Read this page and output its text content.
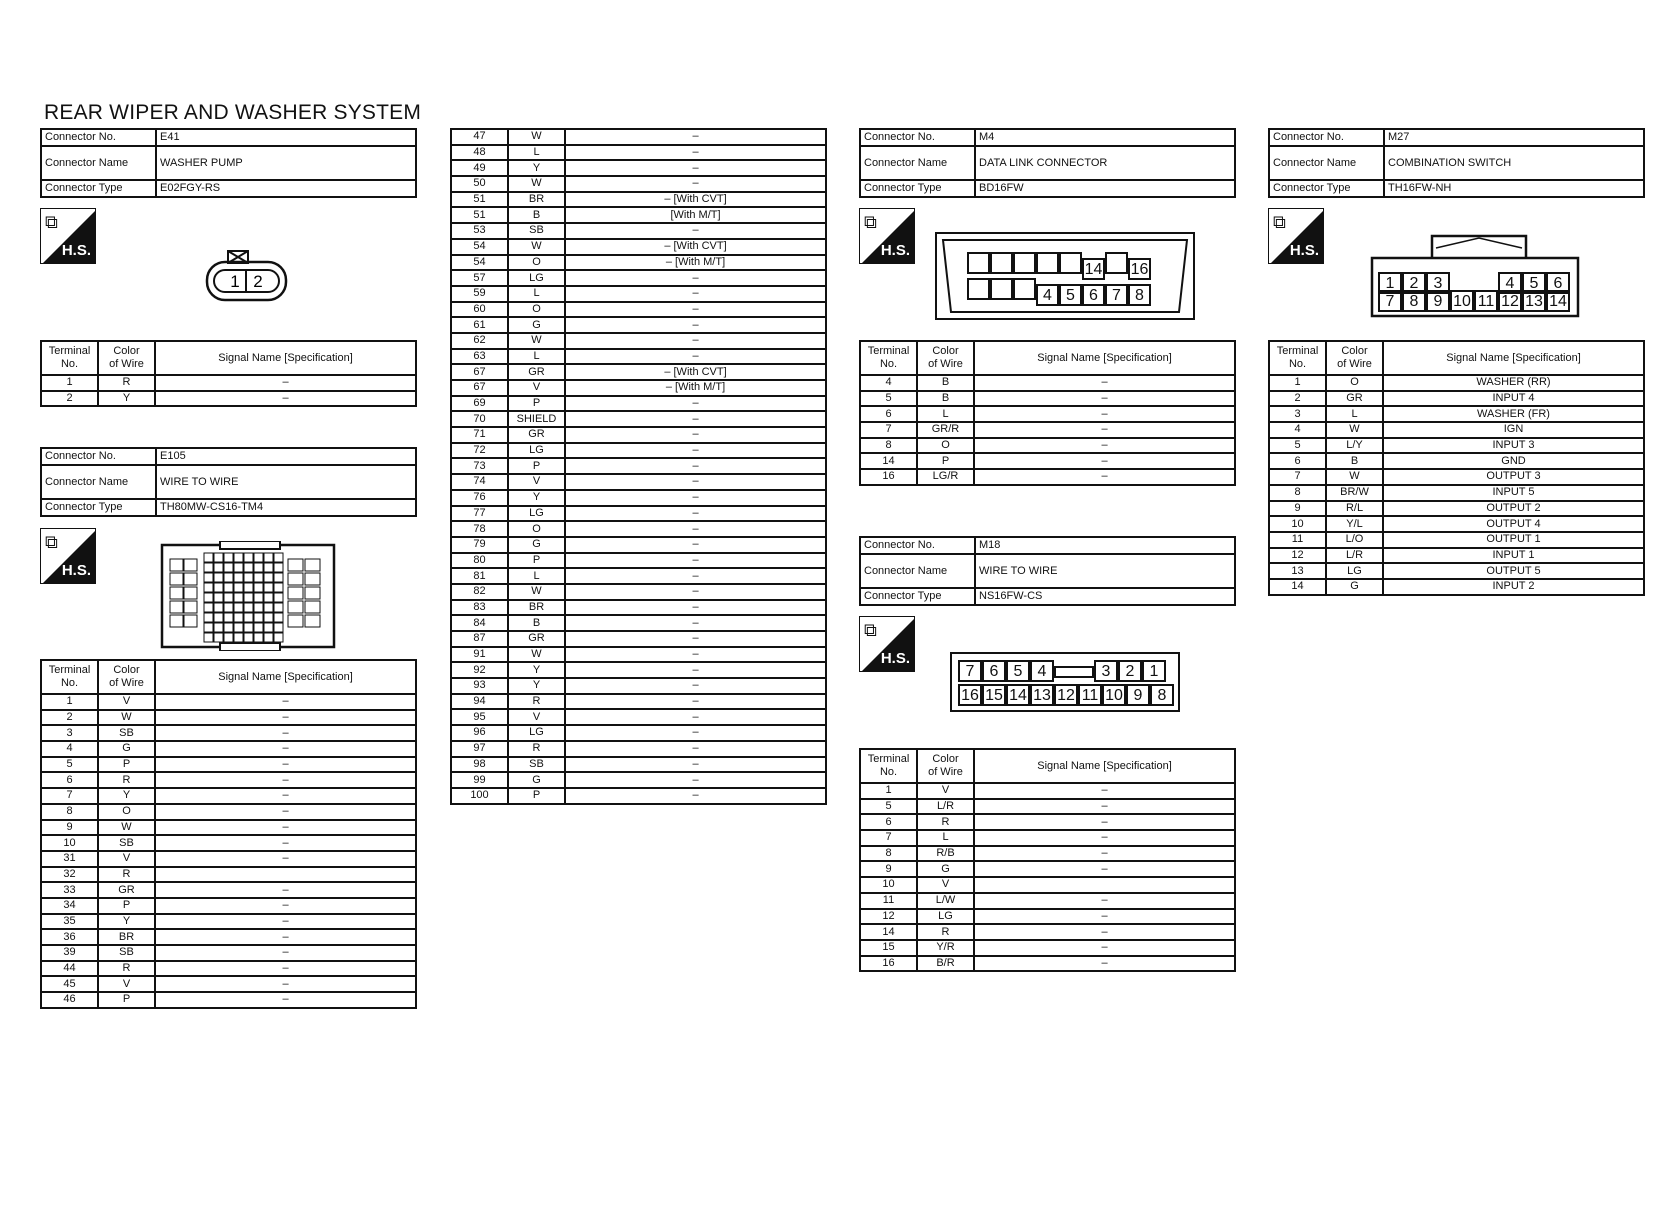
REAR WIPER AND WASHER SYSTEM
Connector No.	E41
Connector Name	WASHER PUMP
Connector Type	E02FGY-RS
⧉
H.S.
1 2
Terminal
No.	Color
of Wire	Signal Name [Specification]
1	R	–
2	Y	–
Connector No.	E105
Connector Name	WIRE TO WIRE
Connector Type	TH80MW-CS16-TM4
⧉
H.S.
Terminal
No.	Color
of Wire	Signal Name [Specification]
1	V	–
2	W	–
3	SB	–
4	G	–
5	P	–
6	R	–
7	Y	–
8	O	–
9	W	–
10	SB	–
31	V	–
32	R	
33	GR	–
34	P	–
35	Y	–
36	BR	–
39	SB	–
44	R	–
45	V	–
46	P	–
47	W	–
48	L	–
49	Y	–
50	W	–
51	BR	– [With CVT]
51	B	[With M/T]
53	SB	–
54	W	– [With CVT]
54	O	– [With M/T]
57	LG	–
59	L	–
60	O	–
61	G	–
62	W	–
63	L	–
67	GR	– [With CVT]
67	V	– [With M/T]
69	P	–
70	SHIELD	–
71	GR	–
72	LG	–
73	P	–
74	V	–
76	Y	–
77	LG	–
78	O	–
79	G	–
80	P	–
81	L	–
82	W	–
83	BR	–
84	B	–
87	GR	–
91	W	–
92	Y	–
93	Y	–
94	R	–
95	V	–
96	LG	–
97	R	–
98	SB	–
99	G	–
100	P	–
Connector No.	M4
Connector Name	DATA LINK CONNECTOR
Connector Type	BD16FW
⧉
H.S.
14 16
4 5 6 7 8
Terminal
No.	Color
of Wire	Signal Name [Specification]
4	B	–
5	B	–
6	L	–
7	GR/R	–
8	O	–
14	P	–
16	LG/R	–
Connector No.	M18
Connector Name	WIRE TO WIRE
Connector Type	NS16FW-CS
⧉
H.S.
7 6 5 4	3 2 1
16 15 14 13 12 11 10 9 8
Terminal
No.	Color
of Wire	Signal Name [Specification]
1	V	–
5	L/R	–
6	R	–
7	L	–
8	R/B	–
9	G	–
10	V	
11	L/W	–
12	LG	–
14	R	–
15	Y/R	–
16	B/R	–
Connector No.	M27
Connector Name	COMBINATION SWITCH
Connector Type	TH16FW-NH
⧉
H.S.
1 2 3	4 5 6
7 8 9 10 11 12 13 14
Terminal
No.	Color
of Wire	Signal Name [Specification]
1	O	WASHER (RR)
2	GR	INPUT 4
3	L	WASHER (FR)
4	W	IGN
5	L/Y	INPUT 3
6	B	GND
7	W	OUTPUT 3
8	BR/W	INPUT 5
9	R/L	OUTPUT 2
10	Y/L	OUTPUT 4
11	L/O	OUTPUT 1
12	L/R	INPUT 1
13	LG	OUTPUT 5
14	G	INPUT 2
